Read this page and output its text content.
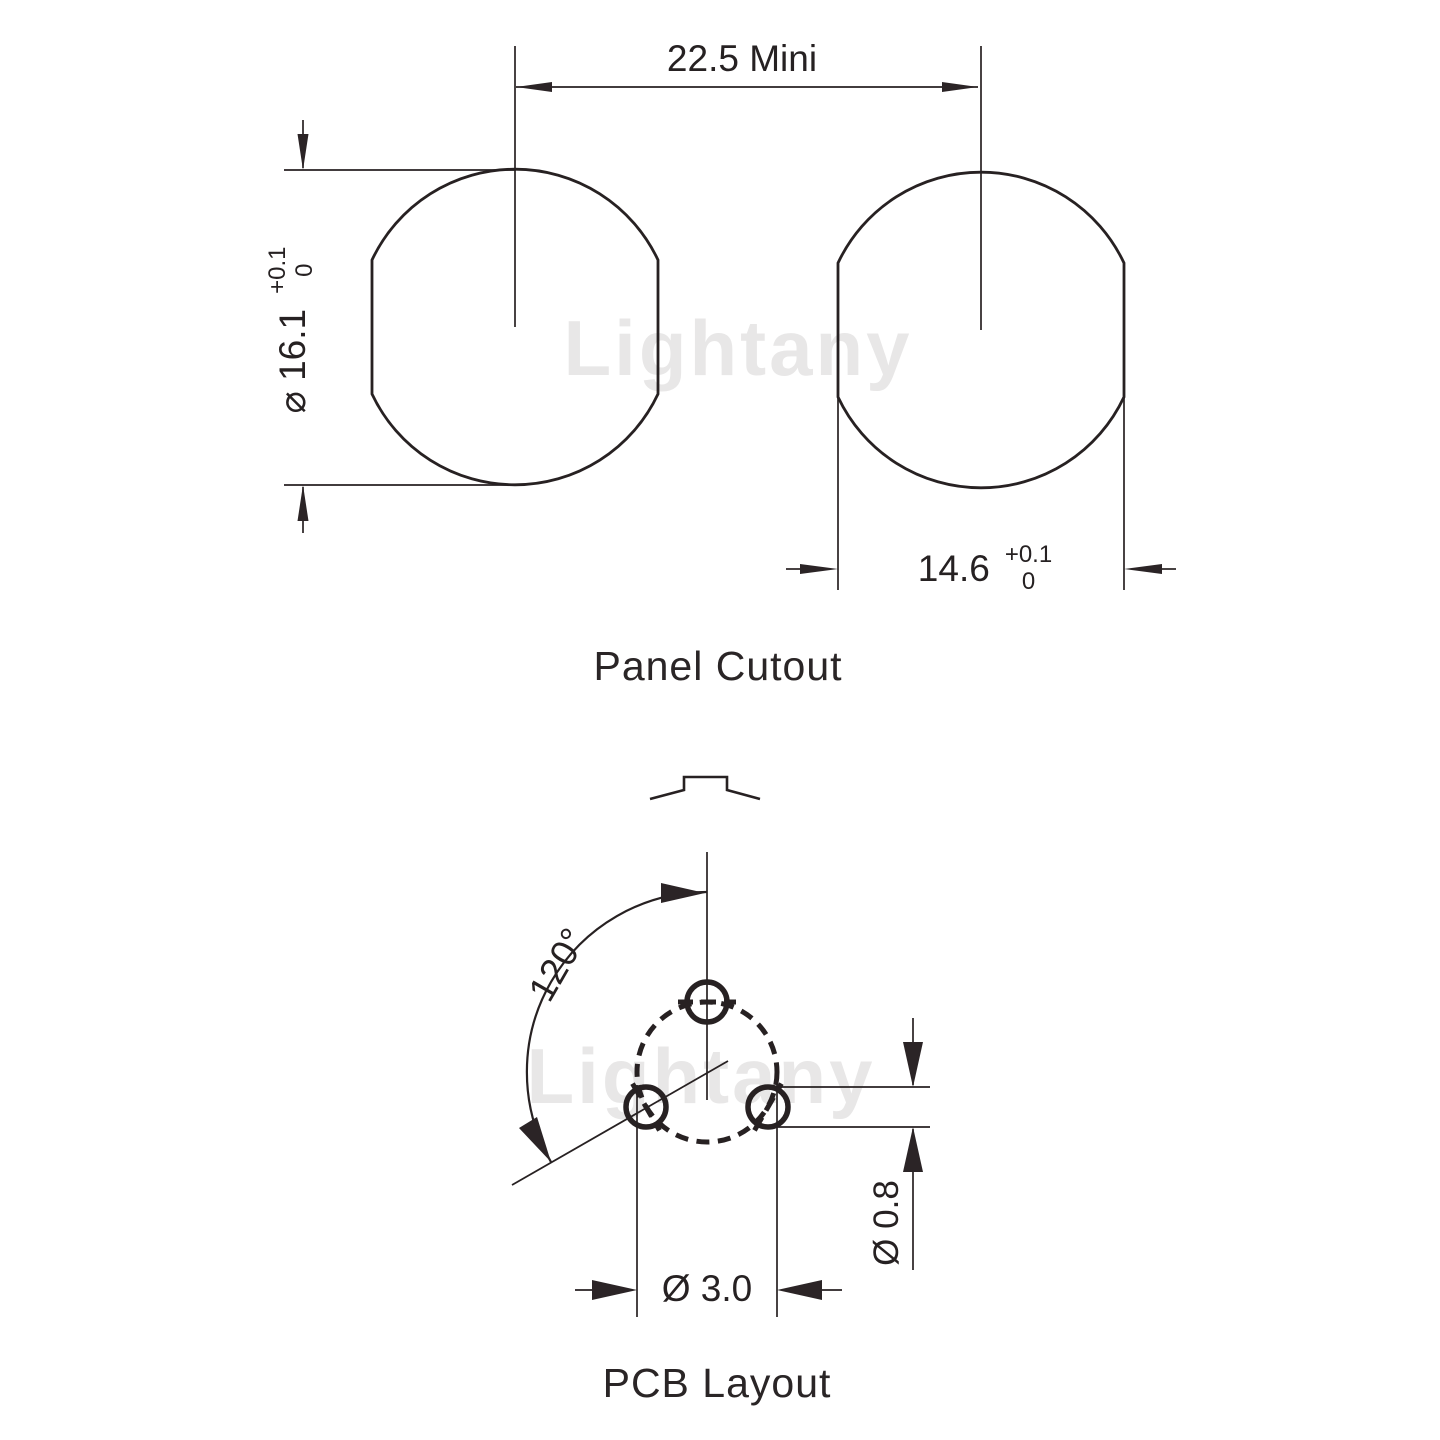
Lightany
Lightany
22.5 Mini
⌀ 16.1
+0.1 0
14.6 +0.1
0
Panel Cutout
120°
Ø 3.0
Ø 0.8
PCB Layout
